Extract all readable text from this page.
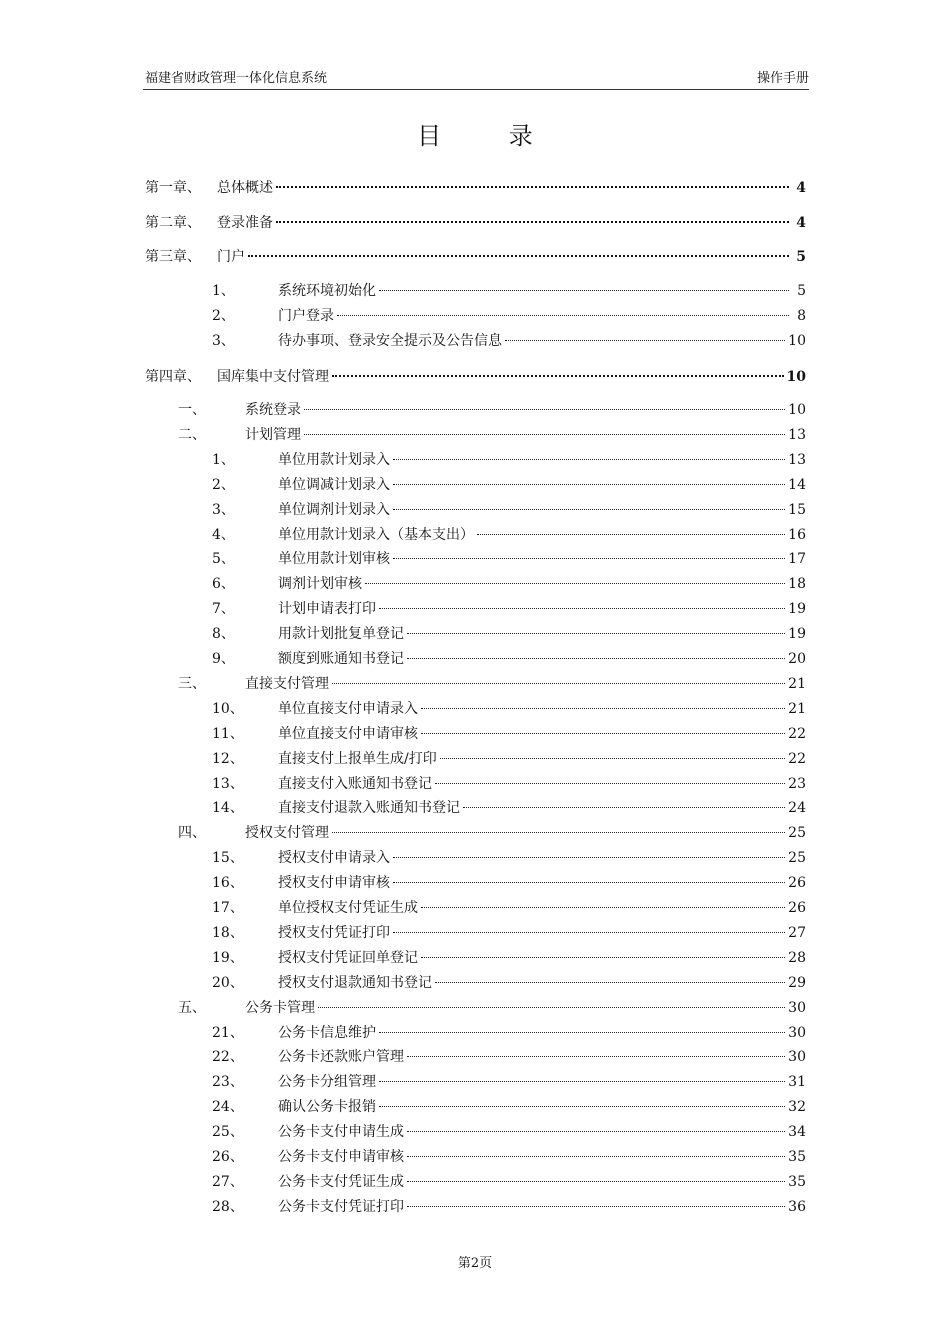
福建省财政管理一体化信息系统	操作手册
目 录
第一章、	总体概述	4
第二章、	登录准备	4
第三章、	门户	5
1、	系统环境初始化	5
2、	门户登录	8
3、	待办事项、登录安全提示及公告信息	10
第四章、	国库集中支付管理	10
一、	系统登录	10
二、	计划管理	13
1、	单位用款计划录入	13
2、	单位调减计划录入	14
3、	单位调剂计划录入	15
4、	单位用款计划录入（基本支出）	16
5、	单位用款计划审核	17
6、	调剂计划审核	18
7、	计划申请表打印	19
8、	用款计划批复单登记	19
9、	额度到账通知书登记	20
三、	直接支付管理	21
10、	单位直接支付申请录入	21
11、	单位直接支付申请审核	22
12、	直接支付上报单生成/打印	22
13、	直接支付入账通知书登记	23
14、	直接支付退款入账通知书登记	24
四、	授权支付管理	25
15、	授权支付申请录入	25
16、	授权支付申请审核	26
17、	单位授权支付凭证生成	26
18、	授权支付凭证打印	27
19、	授权支付凭证回单登记	28
20、	授权支付退款通知书登记	29
五、	公务卡管理	30
21、	公务卡信息维护	30
22、	公务卡还款账户管理	30
23、	公务卡分组管理	31
24、	确认公务卡报销	32
25、	公务卡支付申请生成	34
26、	公务卡支付申请审核	35
27、	公务卡支付凭证生成	35
28、	公务卡支付凭证打印	36
第2页
